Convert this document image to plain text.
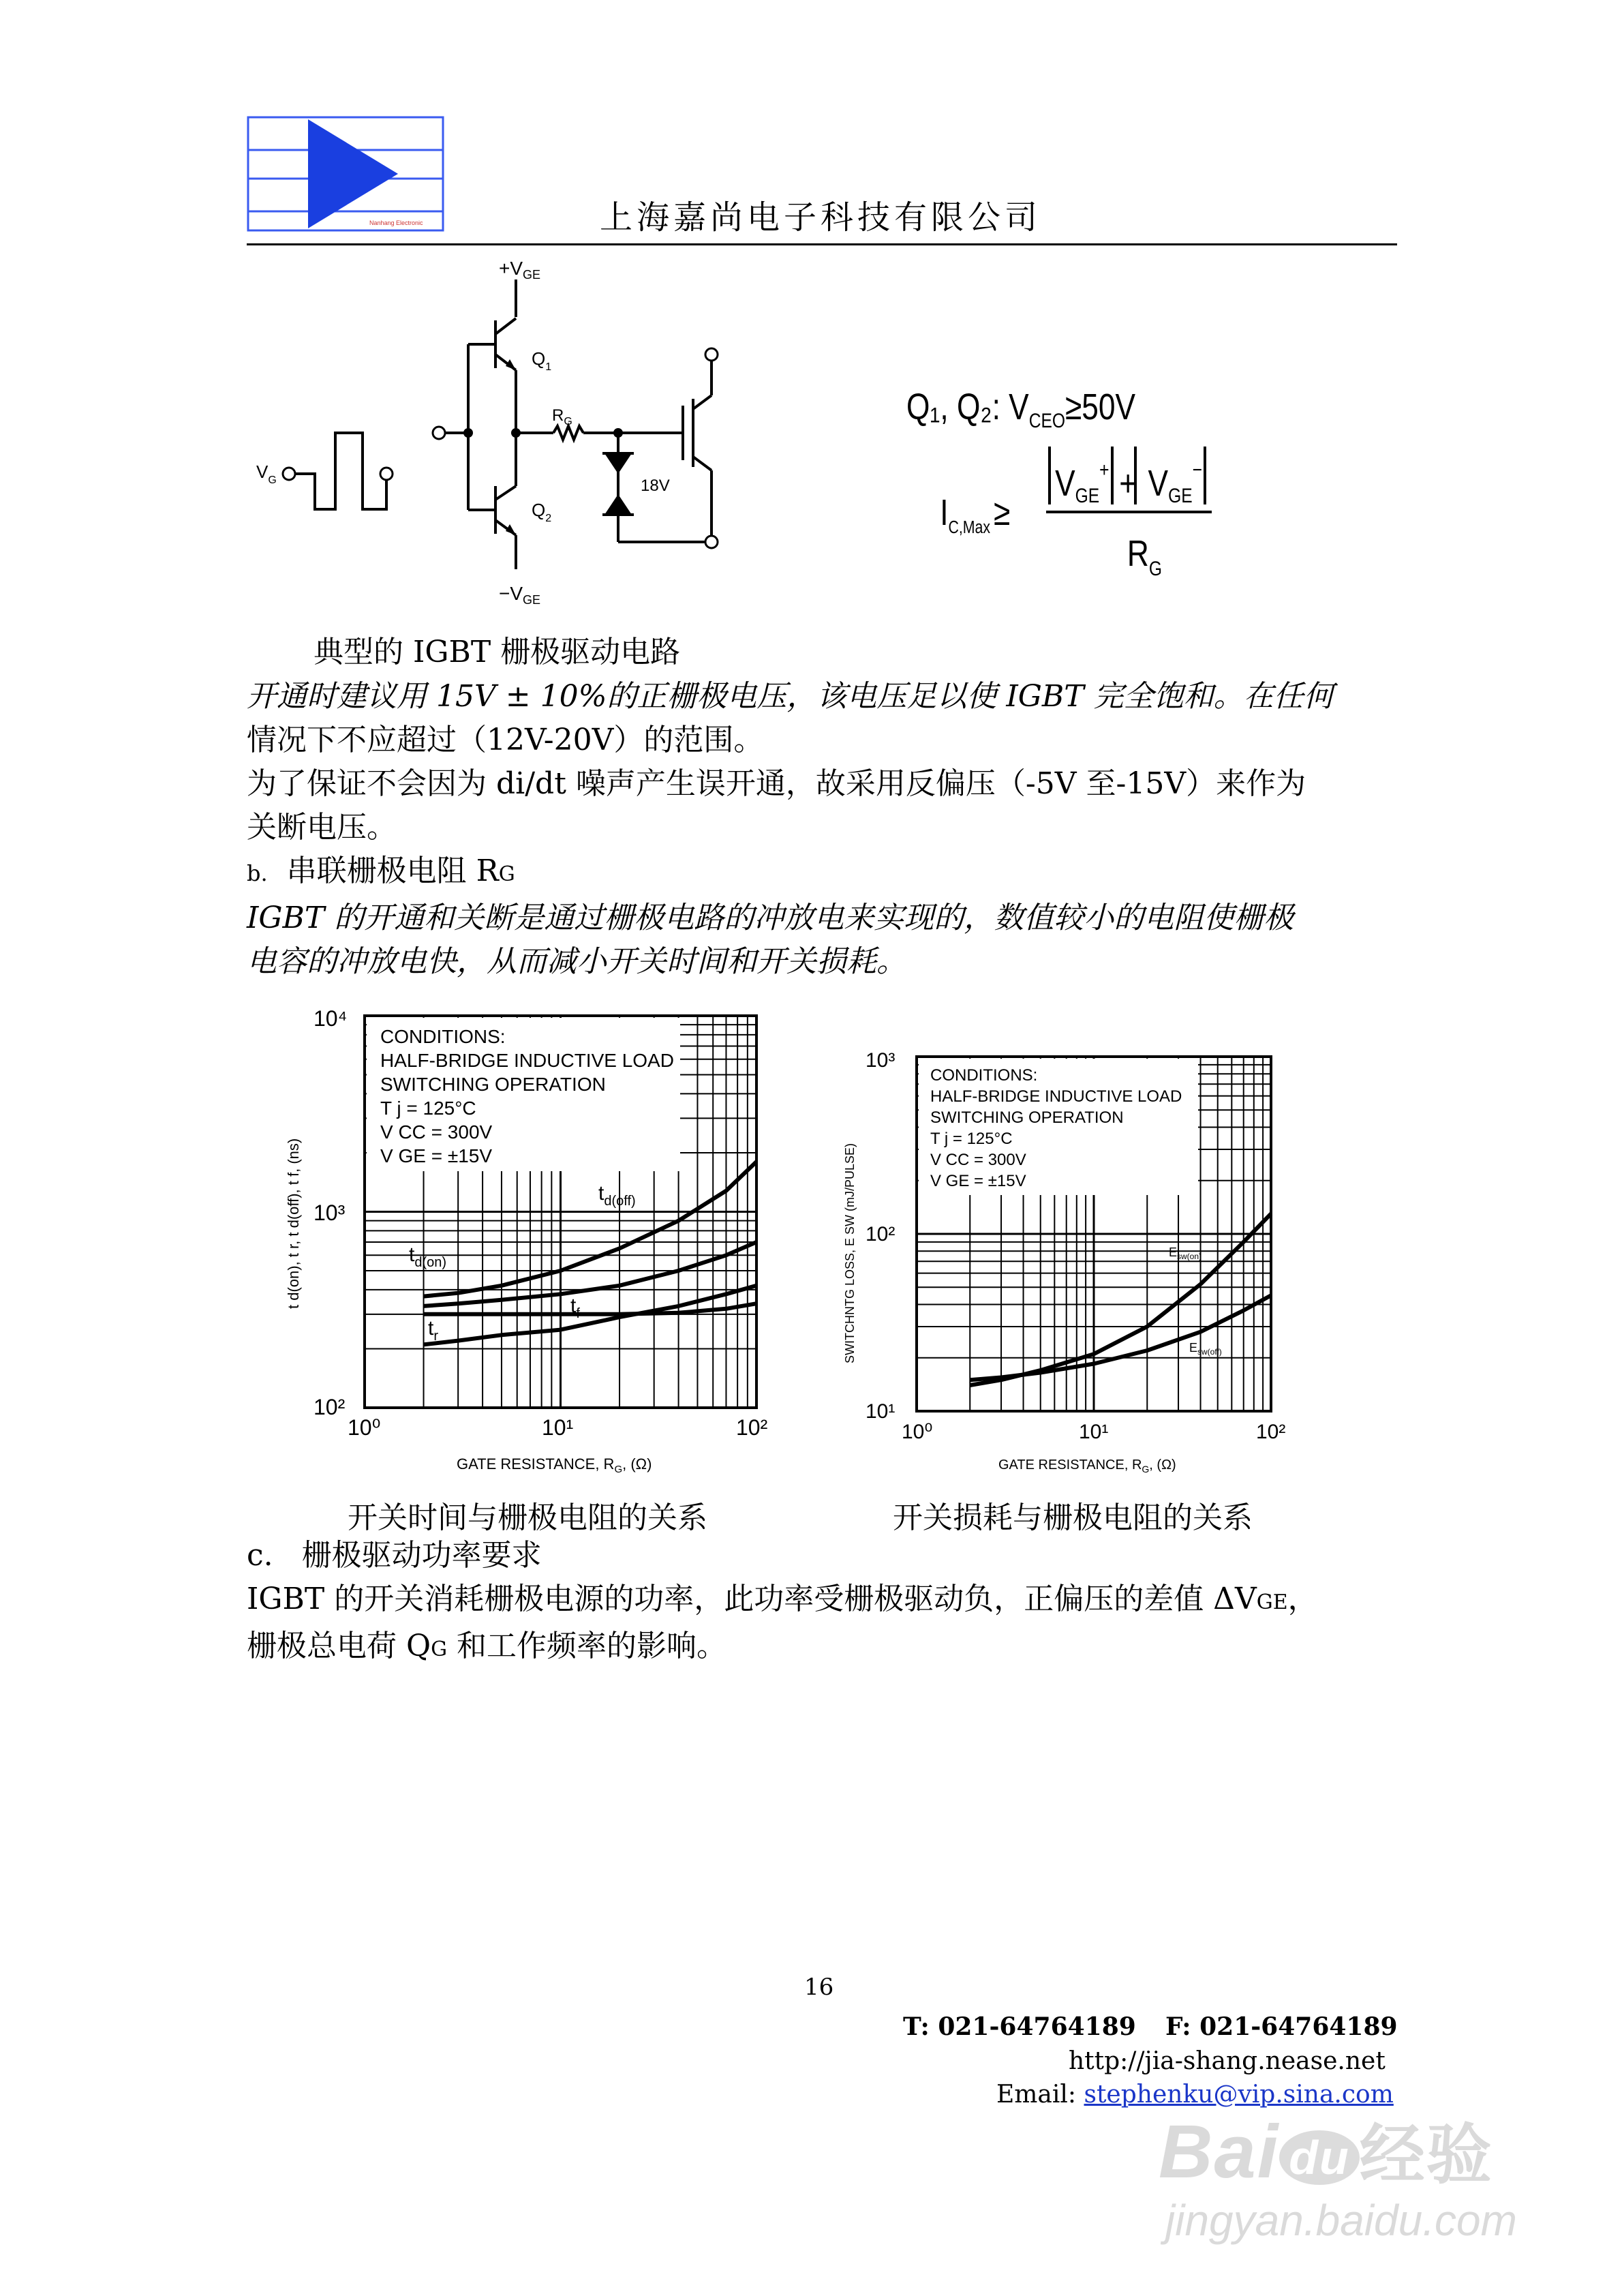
Nanhang Electronic	上海嘉尚电子科技有限公司
$+V_{GE}$
$-V_{GE}$
$Q_1$
$Q_2$
$R_G$
$V_G$	18V
Q₁, Q₂: $V_{CEO}\ge 50V$
$I_{C,Max}\ge$
VGE+ + VGE−
$R_G$
典型的 IGBT 栅极驱动电路
开通时建议用 15V ± 10%的正栅极电压，该电压足以使 IGBT 完全饱和。在任何
情况下不应超过（12V-20V）的范围。
为了保证不会因为 di/dt 噪声产生误开通，故采用反偏压（-5V 至-15V）来作为
关断电压。
b. 串联栅极电阻 RG
IGBT 的开通和关断是通过栅极电路的冲放电来实现的，数值较小的电阻使栅极
电容的冲放电快，从而减小开关时间和开关损耗。
CONDITIONS:
HALF-BRIDGE INDUCTIVE LOAD
SWITCHING OPERATION
T j = 125°C
V CC = 300V
V GE = ±15V
10⁴
10³
10²
10⁰	10¹	10²
GATE RESISTANCE, $R_G$, (Ω)
t d(on), t r, t d(off), t f, (ns)	$t_{d(off)}$
$t_{d(on)}$
$t_f$
$t_r$
CONDITIONS:
HALF-BRIDGE INDUCTIVE LOAD
SWITCHING OPERATION
T j = 125°C
V CC = 300V
V GE = ±15V
10³
10²
10¹
10⁰	10¹	10²
GATE RESISTANCE, $R_G$, (Ω)
SWITCHNTG LOSS, E SW (mJ/PULSE)	$E_{sw(on)}$
$E_{sw(off)}$
开关时间与栅极电阻的关系	开关损耗与栅极电阻的关系
c. 栅极驱动功率要求
IGBT 的开关消耗栅极电源的功率，此功率受栅极驱动负，正偏压的差值 ΔVGE，
栅极总电荷 QG 和工作频率的影响。
16
T: 021-64764189 F: 021-64764189
http://jia-shang.nease.net
Email: stephenku@vip.sina.com
Bai du 经验
jingyan.baidu.com
